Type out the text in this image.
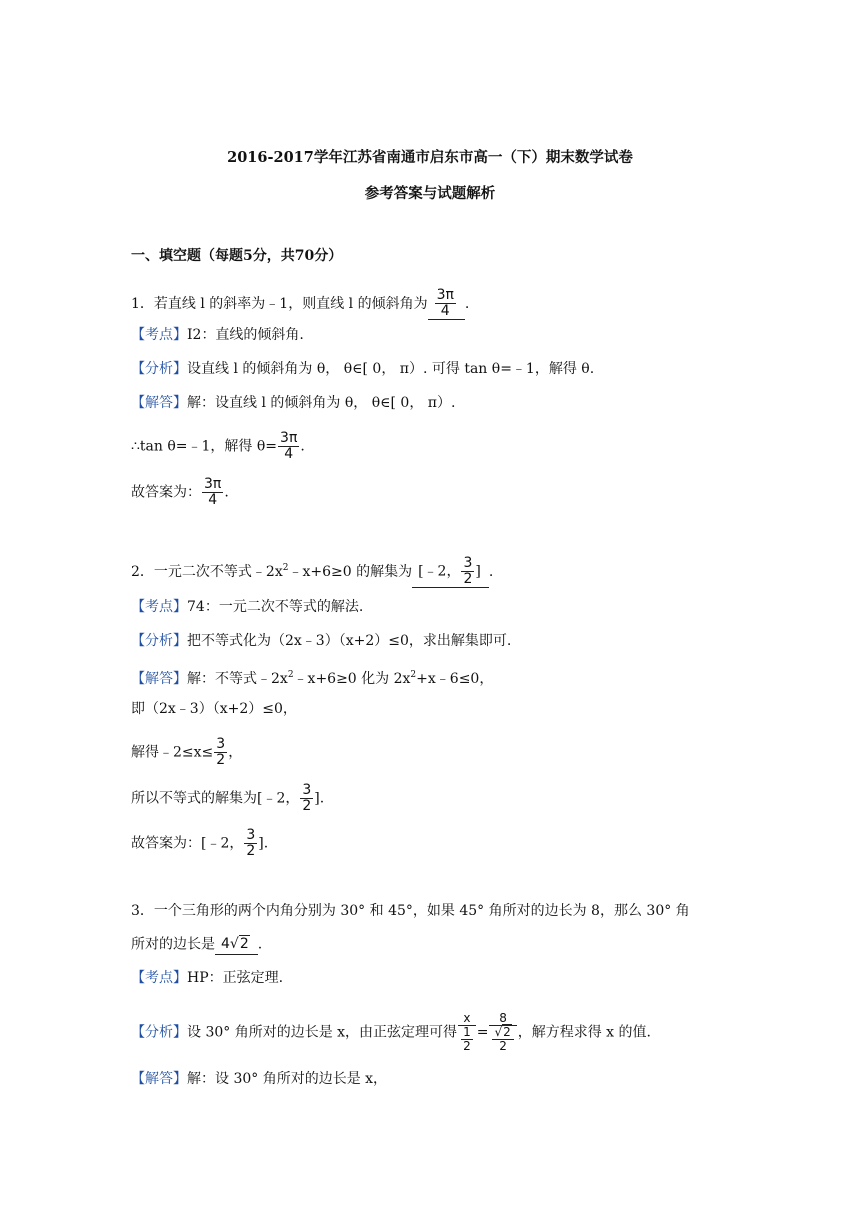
2016-2017学年江苏省南通市启东市高一（下）期末数学试卷
参考答案与试题解析
一、填空题（每题5分，共70分）
1．若直线 l 的斜率为﹣1，则直线 l 的倾斜角为 $\frac{3\pi}{4}$ .
【考点】I2：直线的倾斜角.
【分析】设直线 l 的倾斜角为 θ， θ∈[ 0， π）. 可得 tan θ=﹣1，解得 θ.
【解答】解：设直线 l 的倾斜角为 θ， θ∈[ 0， π）.
∴tan θ=﹣1，解得 $\theta= \frac{3\pi}{4}$ .
故答案为： $\frac{3\pi}{4}$ .
2．一元二次不等式$﹣2x^2﹣x+6\ge 0$ 的解集为 [﹣2， $\frac{3}{2}$ ] .
【考点】74：一元二次不等式的解法.
【分析】把不等式化为（2x﹣3）（x+2）≤0，求出解集即可.
【解答】解：不等式$﹣2x^2﹣x+6\ge 0$ 化为 $2x^2+x﹣6\le 0$，
即（2x﹣3）（x+2）≤0，
解得﹣2≤x≤ $\frac{3}{2}$ ，
所以不等式的解集为[﹣2， $\frac{3}{2}$ ].
故答案为：[﹣2， $\frac{3}{2}$ ].
3．一个三角形的两个内角分别为 30° 和 45°，如果 45° 角所对的边长为 8，那么 30° 角
所对的边长是 4√2 .
【考点】HP：正弦定理.
【分析】设 30° 角所对的边长是 x，由正弦定理可得 $\frac{x}{\frac{1}{2}} = \frac{8}{\frac{√2}{2}}$ ，解方程求得 x 的值.
【解答】解：设 30° 角所对的边长是 x，
